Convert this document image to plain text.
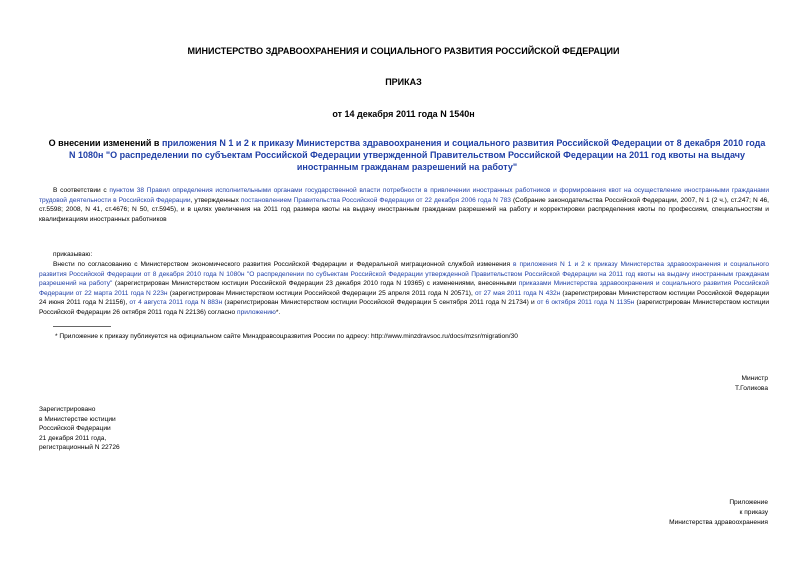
МИНИСТЕРСТВО ЗДРАВООХРАНЕНИЯ И СОЦИАЛЬНОГО РАЗВИТИЯ РОССИЙСКОЙ ФЕДЕРАЦИИ
ПРИКАЗ
от 14 декабря 2011 года N 1540н
О внесении изменений в приложения N 1 и 2 к приказу Министерства здравоохранения и социального развития Российской Федерации от 8 декабря 2010 года N 1080н "О распределении по субъектам Российской Федерации утвержденной Правительством Российской Федерации на 2011 год квоты на выдачу иностранным гражданам разрешений на работу"
В соответствии с пунктом 38 Правил определения исполнительными органами государственной власти потребности в привлечении иностранных работников и формирования квот на осуществление иностранными гражданами трудовой деятельности в Российской Федерации, утвержденных постановлением Правительства Российской Федерации от 22 декабря 2006 года N 783 (Собрание законодательства Российской Федерации, 2007, N 1 (2 ч.), ст.247; N 46, ст.5598; 2008, N 41, ст.4676; N 50, ст.5945), и в целях увеличения на 2011 год размера квоты на выдачу иностранным гражданам разрешений на работу и корректировки распределения квоты по профессиям, специальностям и квалификациям иностранных работников
приказываю:
Внести по согласованию с Министерством экономического развития Российской Федерации и Федеральной миграционной службой изменения в приложения N 1 и 2 к приказу Министерства здравоохранения и социального развития Российской Федерации от 8 декабря 2010 года N 1080н "О распределении по субъектам Российской Федерации утвержденной Правительством Российской Федерации на 2011 год квоты на выдачу иностранным гражданам разрешений на работу" (зарегистрирован Министерством юстиции Российской Федерации 23 декабря 2010 года N 19365) с изменениями, внесенными приказами Министерства здравоохранения и социального развития Российской Федерации от 22 марта 2011 года N 223н (зарегистрирован Министерством юстиции Российской Федерации 25 апреля 2011 года N 20571), от 27 мая 2011 года N 432н (зарегистрирован Министерством юстиции Российской Федерации 24 июня 2011 года N 21156), от 4 августа 2011 года N 883н (зарегистрирован Министерством юстиции Российской Федерации 5 сентября 2011 года N 21734) и от 6 октября 2011 года N 1135н (зарегистрирован Министерством юстиции Российской Федерации 26 октября 2011 года N 22136) согласно приложению*.
* Приложение к приказу публикуется на официальном сайте Минздравсоцразвития России по адресу: http://www.minzdravsoc.ru/docs/mzsr/migration/30
Министр
Т.Голикова
Зарегистрировано
в Министерстве юстиции
Российской Федерации
21 декабря 2011 года,
регистрационный N 22726
Приложение
к приказу
Министерства здравоохранения
